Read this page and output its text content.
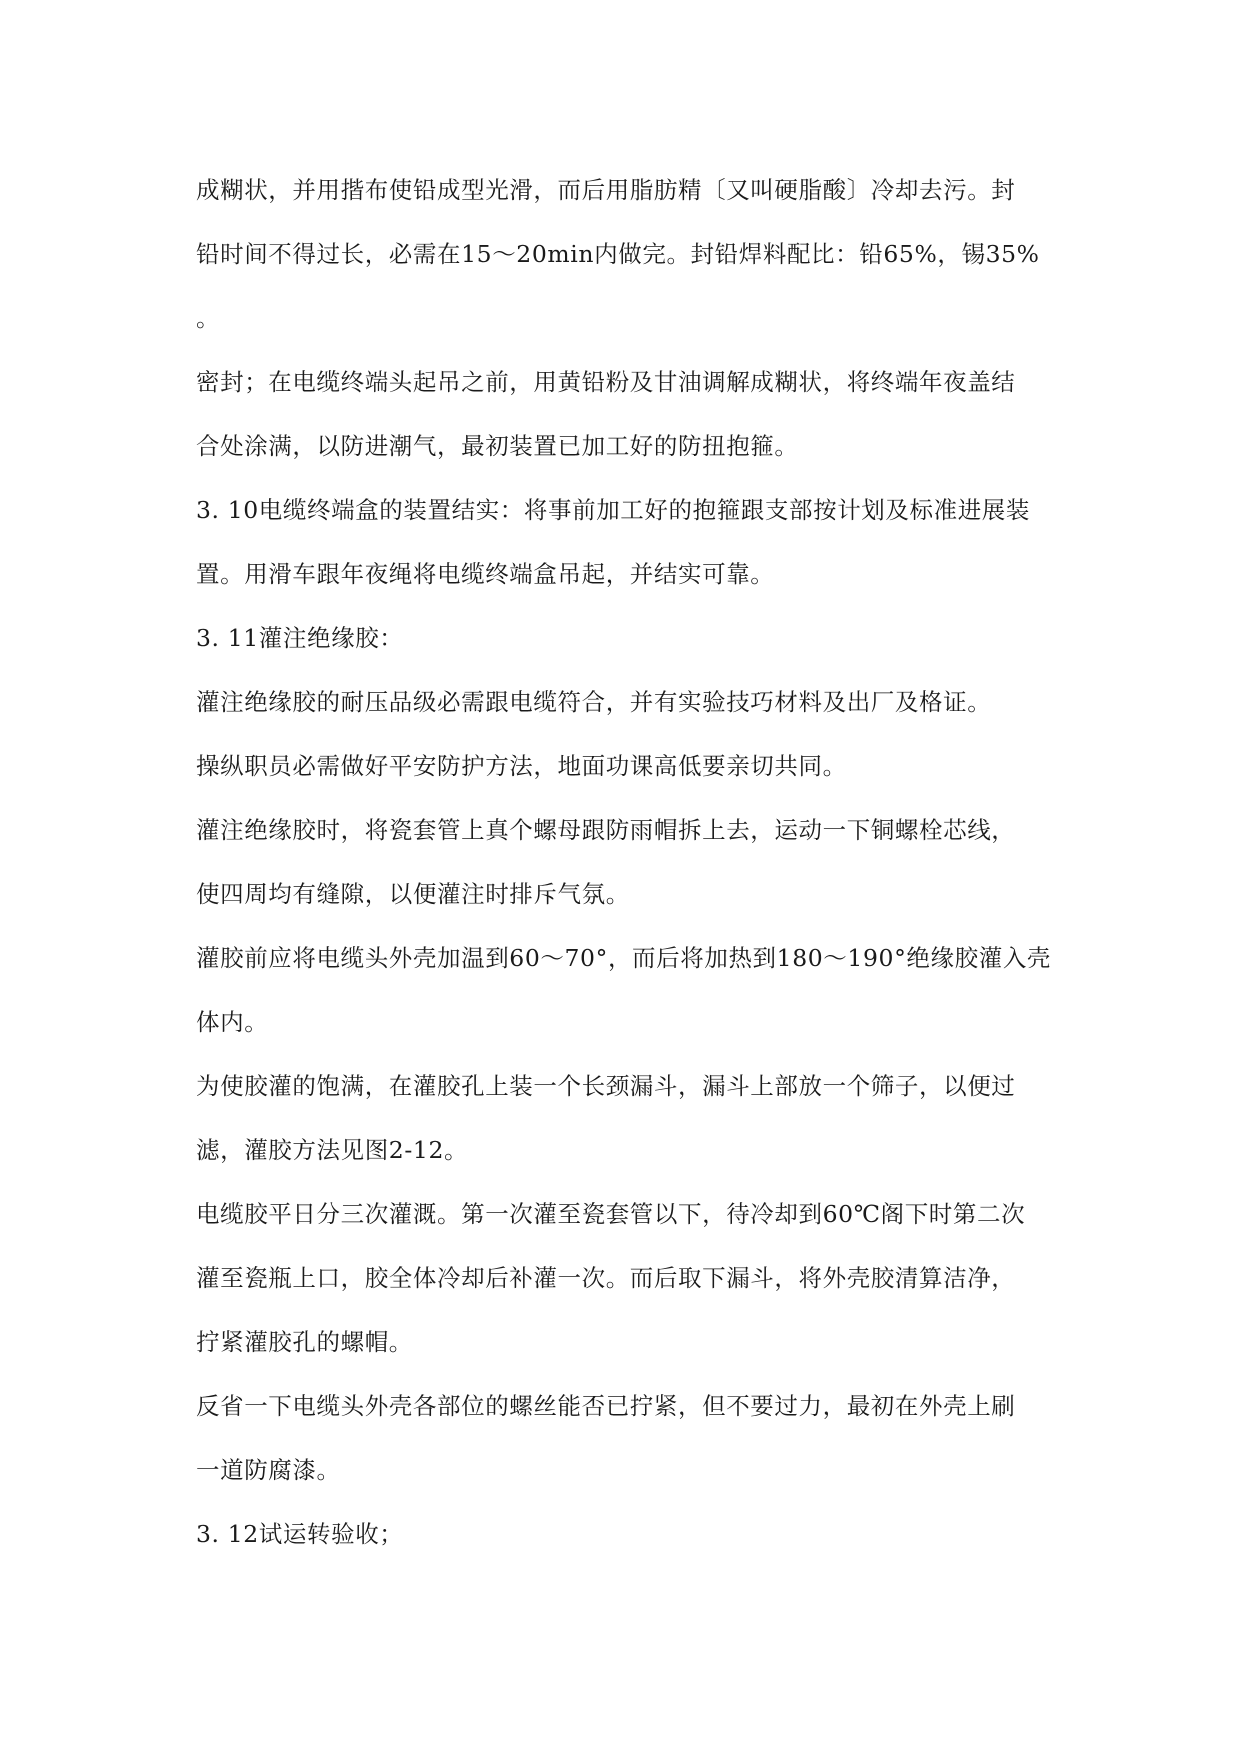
成糊状，并用揩布使铅成型光滑，而后用脂肪精〔又叫硬脂酸〕冷却去污。封

铅时间不得过长，必需在15～20min内做完。封铅焊料配比：铅65%，锡35%

。

密封；在电缆终端头起吊之前，用黄铅粉及甘油调解成糊状，将终端年夜盖结

合处涂满，以防进潮气，最初装置已加工好的防扭抱箍。

3. 10电缆终端盒的装置结实：将事前加工好的抱箍跟支部按计划及标准进展装

置。用滑车跟年夜绳将电缆终端盒吊起，并结实可靠。

3. 11灌注绝缘胶：

灌注绝缘胶的耐压品级必需跟电缆符合，并有实验技巧材料及出厂及格证。

操纵职员必需做好平安防护方法，地面功课高低要亲切共同。

灌注绝缘胶时，将瓷套管上真个螺母跟防雨帽拆上去，运动一下铜螺栓芯线，

使四周均有缝隙，以便灌注时排斥气氛。

灌胶前应将电缆头外壳加温到60～70°，而后将加热到180～190°绝缘胶灌入壳

体内。

为使胶灌的饱满，在灌胶孔上装一个长颈漏斗，漏斗上部放一个筛子，以便过

滤，灌胶方法见图2-12。

电缆胶平日分三次灌溉。第一次灌至瓷套管以下，待冷却到60℃阁下时第二次

灌至瓷瓶上口，胶全体冷却后补灌一次。而后取下漏斗，将外壳胶清算洁净，

拧紧灌胶孔的螺帽。

反省一下电缆头外壳各部位的螺丝能否已拧紧，但不要过力，最初在外壳上刷

一道防腐漆。

3. 12试运转验收；
